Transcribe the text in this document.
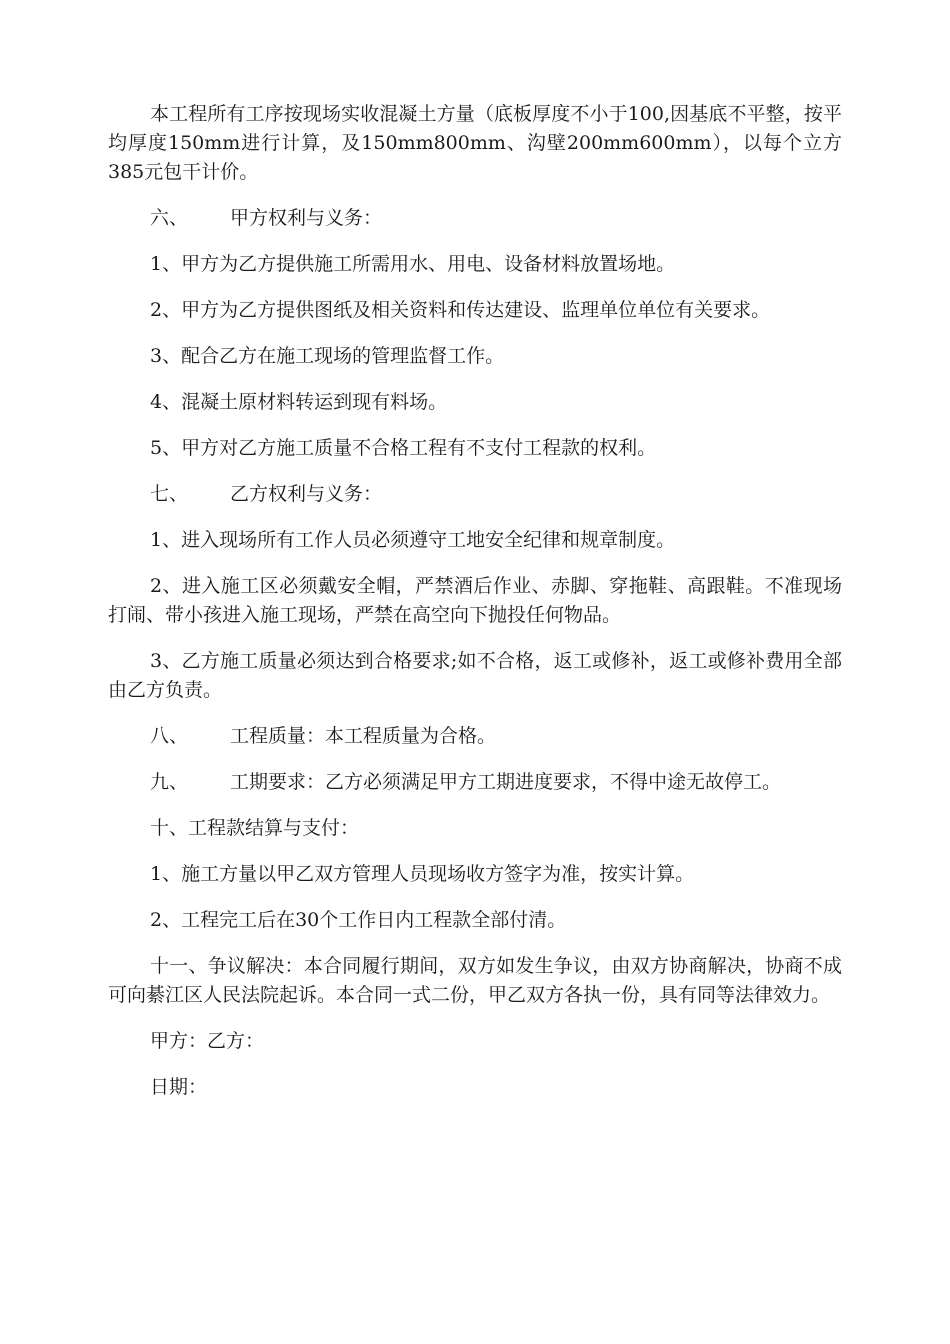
本工程所有工序按现场实收混凝土方量（底板厚度不小于100,因基底不平整，按平均厚度150mm进行计算，及150mm800mm、沟壁200mm600mm），以每个立方 385元包干计价。

六、 甲方权利与义务：

1、甲方为乙方提供施工所需用水、用电、设备材料放置场地。

2、甲方为乙方提供图纸及相关资料和传达建设、监理单位单位有关要求。

3、配合乙方在施工现场的管理监督工作。

4、混凝土原材料转运到现有料场。

5、甲方对乙方施工质量不合格工程有不支付工程款的权利。

七、 乙方权利与义务：

1、进入现场所有工作人员必须遵守工地安全纪律和规章制度。

2、进入施工区必须戴安全帽，严禁酒后作业、赤脚、穿拖鞋、高跟鞋。不准现场打闹、带小孩进入施工现场，严禁在高空向下抛投任何物品。

3、乙方施工质量必须达到合格要求;如不合格，返工或修补，返工或修补费用全部由乙方负责。

八、 工程质量：本工程质量为合格。
九、 工期要求：乙方必须满足甲方工期进度要求，不得中途无故停工。

十、工程款结算与支付：

1、施工方量以甲乙双方管理人员现场收方签字为准，按实计算。

2、工程完工后在30个工作日内工程款全部付清。

十一、争议解决：本合同履行期间，双方如发生争议，由双方协商解决，协商不成可向綦江区人民法院起诉。本合同一式二份，甲乙双方各执一份，具有同等法律效力。

甲方：乙方：
日期：
